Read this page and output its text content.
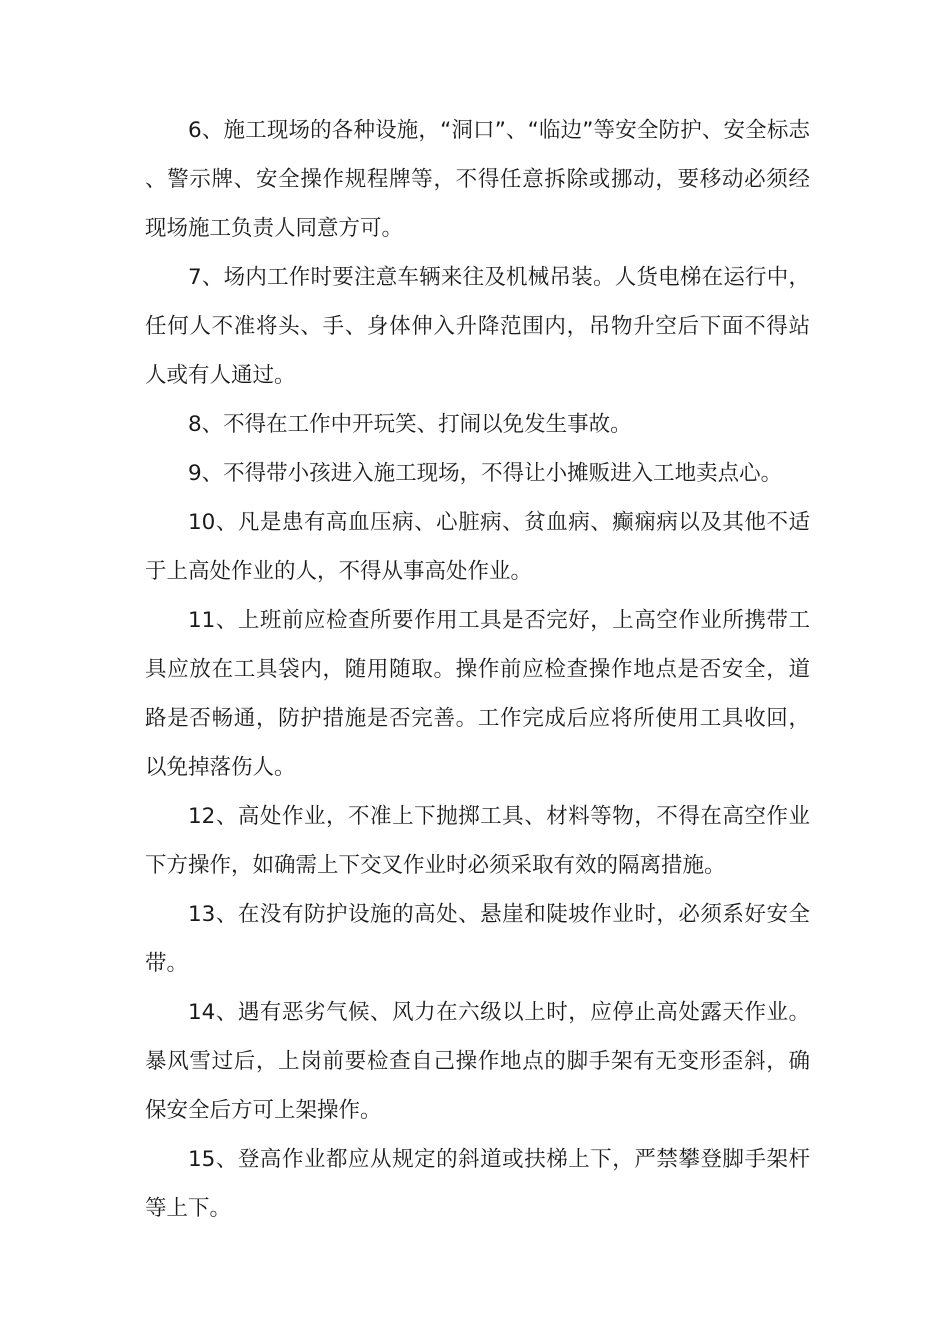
6、施工现场的各种设施，“洞口”、“临边”等安全防护、安全标志、警示牌、安全操作规程牌等，不得任意拆除或挪动，要移动必须经现场施工负责人同意方可。

7、场内工作时要注意车辆来往及机械吊装。人货电梯在运行中，任何人不准将头、手、身体伸入升降范围内，吊物升空后下面不得站人或有人通过。

8、不得在工作中开玩笑、打闹以免发生事故。

9、不得带小孩进入施工现场，不得让小摊贩进入工地卖点心。

10、凡是患有高血压病、心脏病、贫血病、癫痫病以及其他不适于上高处作业的人，不得从事高处作业。

11、上班前应检查所要作用工具是否完好，上高空作业所携带工具应放在工具袋内，随用随取。操作前应检查操作地点是否安全，道路是否畅通，防护措施是否完善。工作完成后应将所使用工具收回，以免掉落伤人。

12、高处作业，不准上下抛掷工具、材料等物，不得在高空作业下方操作，如确需上下交叉作业时必须采取有效的隔离措施。

13、在没有防护设施的高处、悬崖和陡坡作业时，必须系好安全带。

14、遇有恶劣气候、风力在六级以上时，应停止高处露天作业。暴风雪过后，上岗前要检查自己操作地点的脚手架有无变形歪斜，确保安全后方可上架操作。

15、登高作业都应从规定的斜道或扶梯上下，严禁攀登脚手架杆等上下。
